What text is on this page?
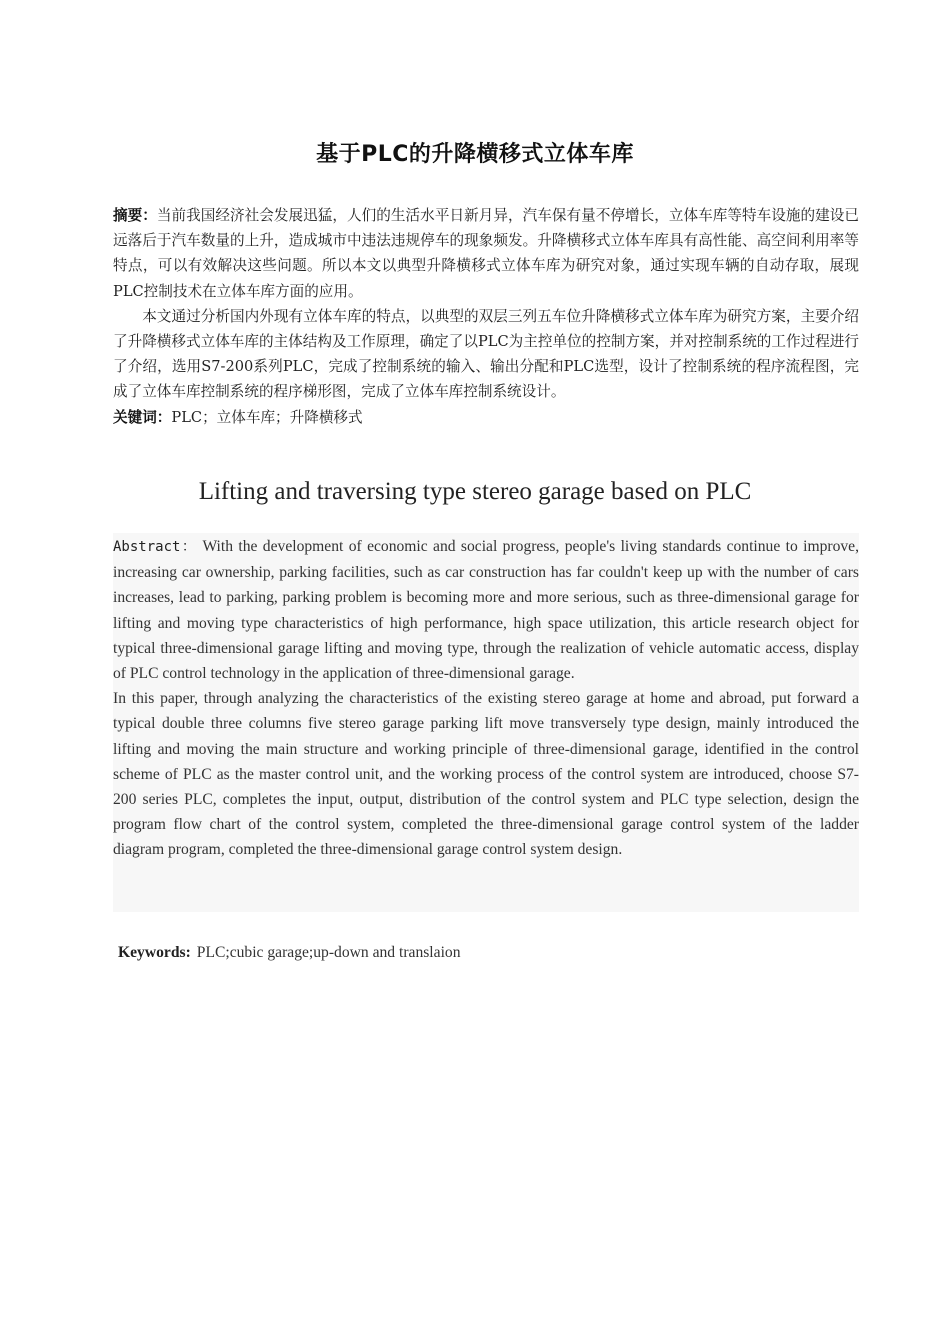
基于PLC的升降横移式立体车库

摘要：当前我国经济社会发展迅猛，人们的生活水平日新月异，汽车保有量不停增长，立体车库等特车设施的建设已远落后于汽车数量的上升，造成城市中违法违规停车的现象频发。升降横移式立体车库具有高性能、高空间利用率等特点，可以有效解决这些问题。所以本文以典型升降横移式立体车库为研究对象，通过实现车辆的自动存取，展现PLC控制技术在立体车库方面的应用。

本文通过分析国内外现有立体车库的特点，以典型的双层三列五车位升降横移式立体车库为研究方案，主要介绍了升降横移式立体车库的主体结构及工作原理，确定了以PLC为主控单位的控制方案，并对控制系统的工作过程进行了介绍，选用S7-200系列PLC，完成了控制系统的输入、输出分配和PLC选型，设计了控制系统的程序流程图，完成了立体车库控制系统的程序梯形图，完成了立体车库控制系统设计。

关键词：PLC；立体车库；升降横移式

Lifting and traversing type stereo garage based on PLC

Abstract： With the development of economic and social progress, people's living standards continue to improve, increasing car ownership, parking facilities, such as car construction has far couldn't keep up with the number of cars increases, lead to parking, parking problem is becoming more and more serious, such as three-dimensional garage for lifting and moving type characteristics of high performance, high space utilization, this article research object for typical three-dimensional garage lifting and moving type, through the realization of vehicle automatic access, display of PLC control technology in the application of three-dimensional garage.

In this paper, through analyzing the characteristics of the existing stereo garage at home and abroad, put forward a typical double three columns five stereo garage parking lift move transversely type design, mainly introduced the lifting and moving the main structure and working principle of three-dimensional garage, identified in the control scheme of PLC as the master control unit, and the working process of the control system are introduced, choose S7-200 series PLC, completes the input, output, distribution of the control system and PLC type selection, design the program flow chart of the control system, completed the three-dimensional garage control system of the ladder diagram program, completed the three-dimensional garage control system design.

Keywords: PLC;cubic garage;up-down and translaion
